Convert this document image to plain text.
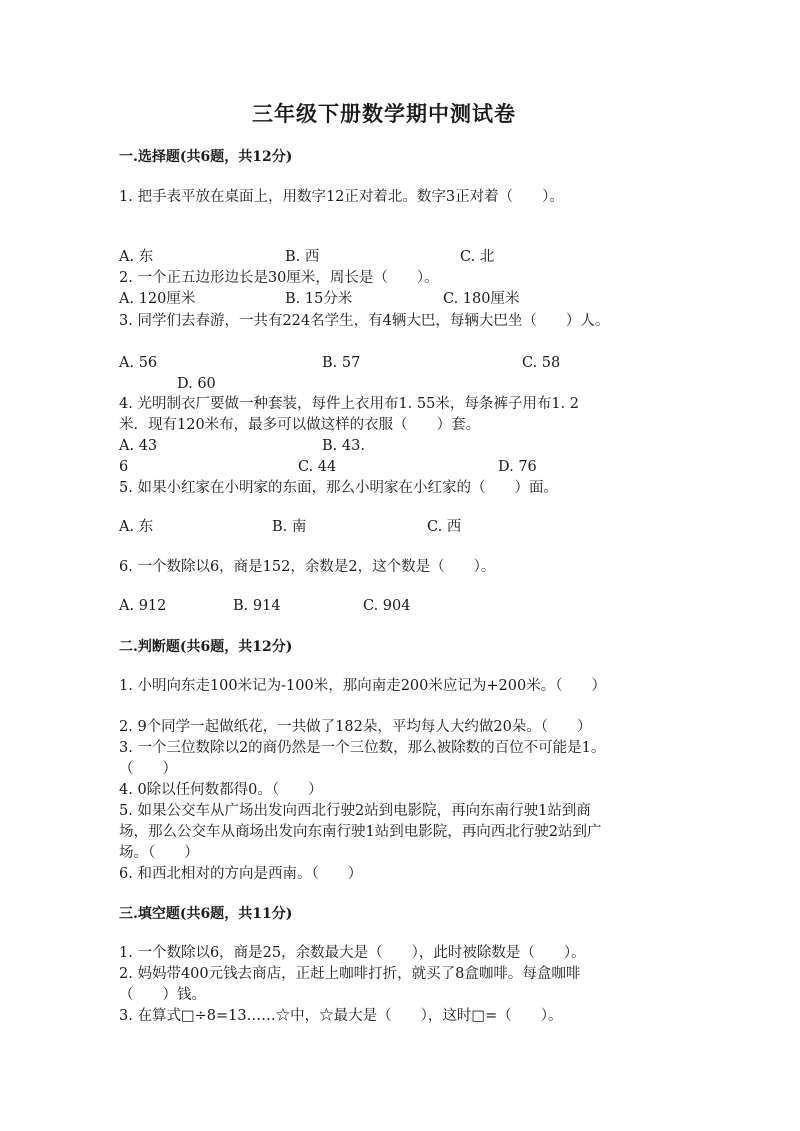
三年级下册数学期中测试卷
一.选择题(共6题，共12分)
1. 把手表平放在桌面上，用数字12正对着北。数字3正对着（　　）。
A. 东	B. 西	C. 北
2. 一个正五边形边长是30厘米，周长是（　　）。
A. 120厘米	B. 15分米	C. 180厘米
3. 同学们去春游，一共有224名学生，有4辆大巴，每辆大巴坐（　　）人。
A. 56	B. 57	C. 58
D. 60
4. 光明制衣厂要做一种套装，每件上衣用布1. 55米，每条裤子用布1. 2
米．现有120米布，最多可以做这样的衣服（　　）套。
A. 43	B. 43.
6	C. 44	D. 76
5. 如果小红家在小明家的东面，那么小明家在小红家的（　　）面。
A. 东	B. 南	C. 西
6. 一个数除以6，商是152，余数是2，这个数是（　　）。
A. 912	B. 914	C. 904
二.判断题(共6题，共12分)
1. 小明向东走100米记为-100米，那向南走200米应记为+200米。（　　）
2. 9个同学一起做纸花，一共做了182朵，平均每人大约做20朵。（　　）
3. 一个三位数除以2的商仍然是一个三位数，那么被除数的百位不可能是1。
（　　）
4. 0除以任何数都得0。（　　）
5. 如果公交车从广场出发向西北行驶2站到电影院，再向东南行驶1站到商
场，那么公交车从商场出发向东南行驶1站到电影院，再向西北行驶2站到广
场。（　　）
6. 和西北相对的方向是西南。（　　）
三.填空题(共6题，共11分)
1. 一个数除以6，商是25，余数最大是（　　），此时被除数是（　　）。
2. 妈妈带400元钱去商店，正赶上咖啡打折，就买了8盒咖啡。每盒咖啡
（　　）钱。
3. 在算式□÷8=13……☆中，☆最大是（　　），这时□=（　　）。
